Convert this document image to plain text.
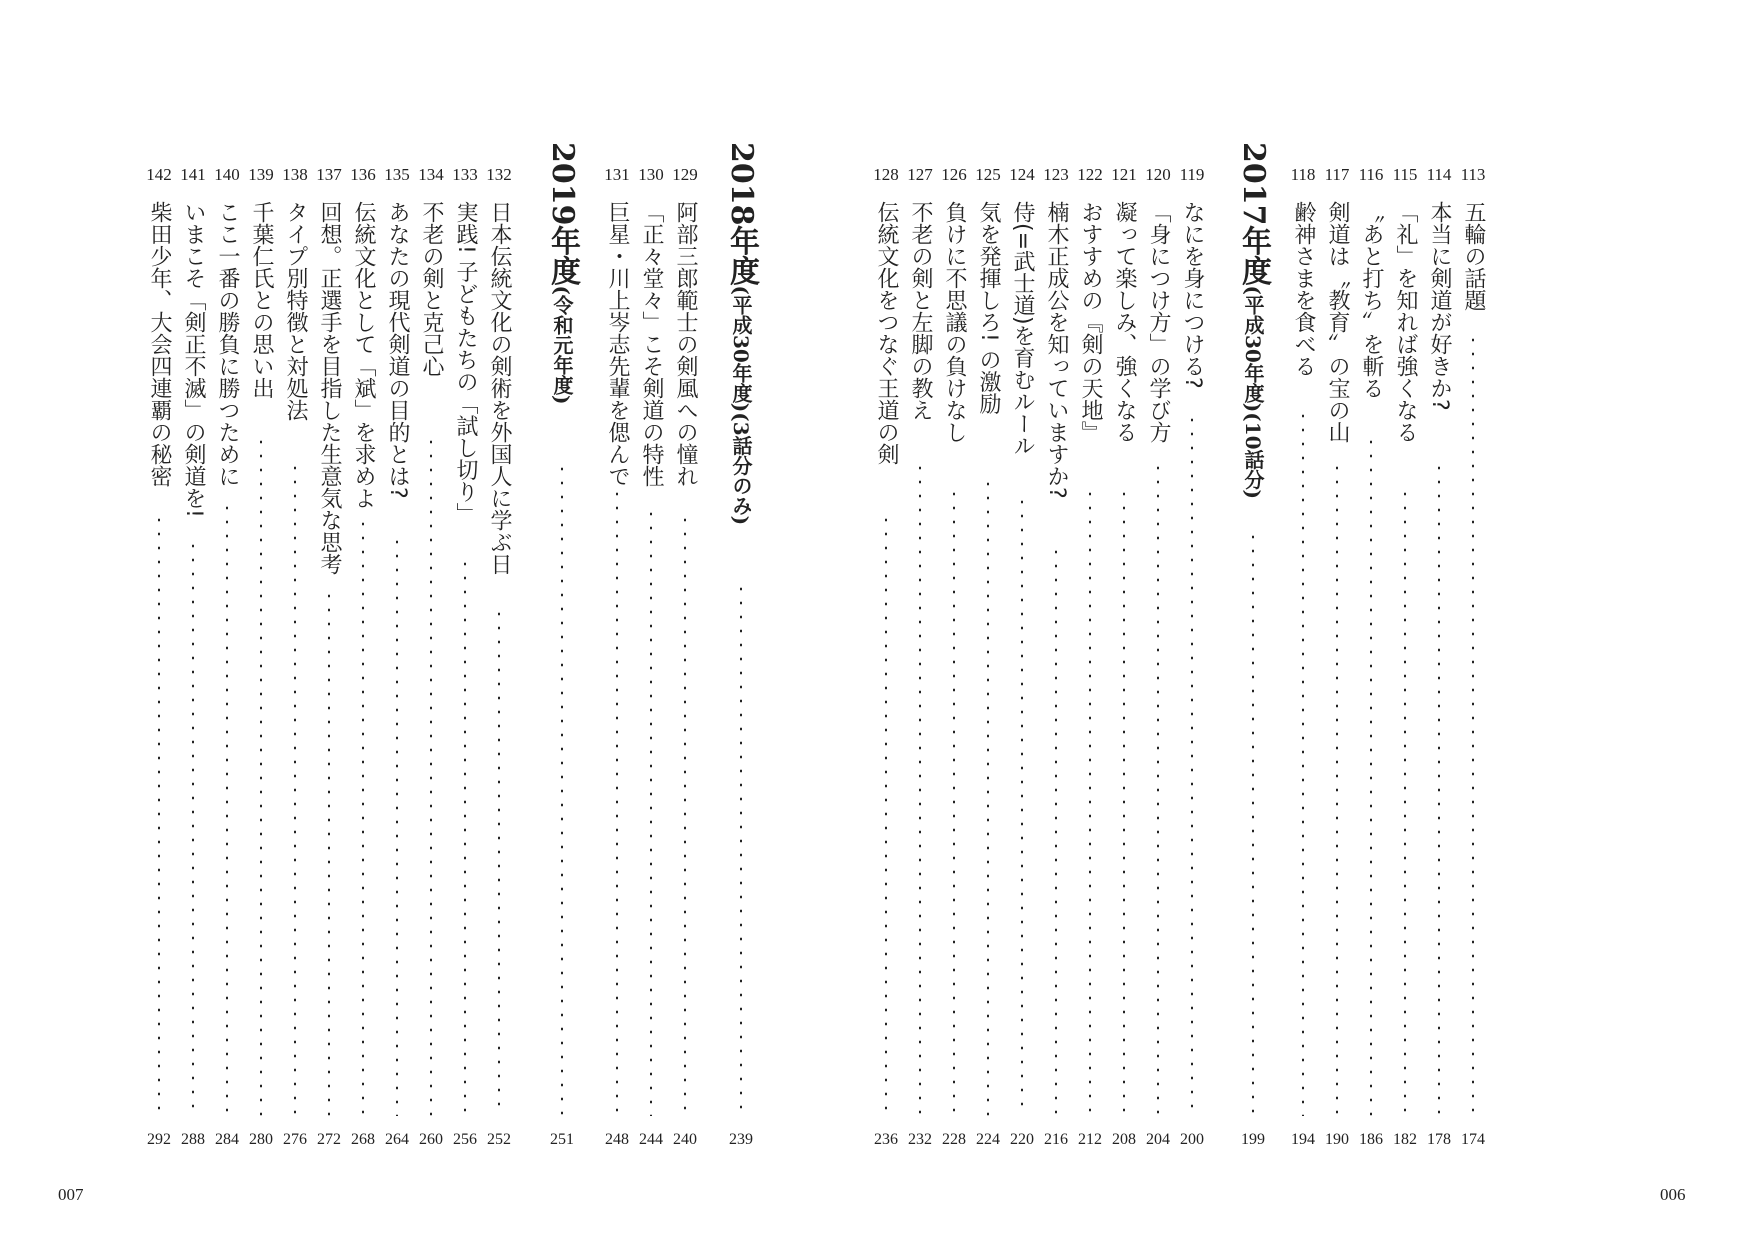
113
五輪の話題
174
114
本当に剣道が好きか?
178
115
「礼」を知れば強くなる
182
116
〝あと打ち〟を斬る
186
117
剣道は〝教育〟の宝の山
190
118
齢神さまを食べる
194
2017年度(平成30年度)(10話分)
199
119
なにを身につける?
200
120
「身につけ方」の学び方
204
121
凝って楽しみ、強くなる
208
122
おすすめの『剣の天地』
212
123
楠木正成公を知っていますか?
216
124
侍(=武士道)を育むルール
220
125
気を発揮しろ! の激励
224
126
負けに不思議の負けなし
228
127
不老の剣と左脚の教え
232
128
伝統文化をつなぐ王道の剣
236
2018年度(平成30年度)(3話分のみ)
239
129
阿部三郎範士の剣風への憧れ
240
130
「正々堂々」こそ剣道の特性
244
131
巨星・川上岑志先輩を偲んで
248
2019年度(令和元年度)
251
132
日本伝統文化の剣術を外国人に学ぶ日
252
133
実践! 子どもたちの「試し切り」
256
134
不老の剣と克己心
260
135
あなたの現代剣道の目的とは?
264
136
伝統文化として「斌」を求めよ
268
137
回想。正選手を目指した生意気な思考
272
138
タイプ別特徴と対処法
276
139
千葉仁氏との思い出
280
140
ここ一番の勝負に勝つために
284
141
いまこそ「剣正不滅」の剣道を!
288
142
柴田少年、大会四連覇の秘密
292
006
007
